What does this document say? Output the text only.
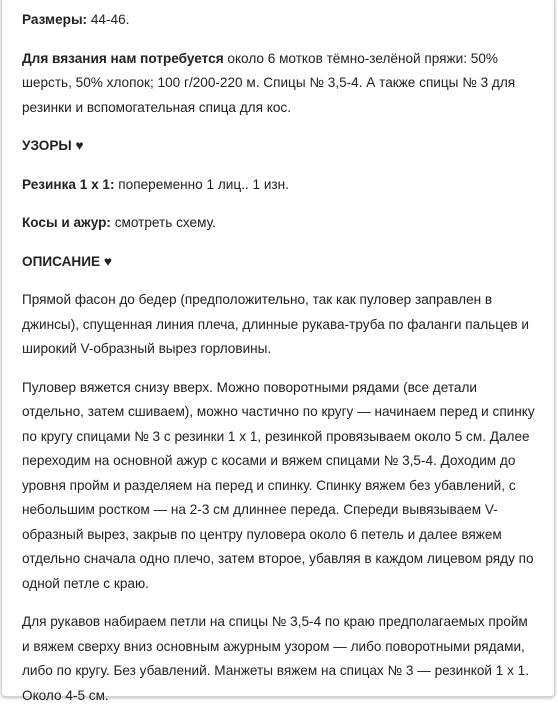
Размеры: 44-46.

Для вязания нам потребуется около 6 мотков тёмно-зелёной пряжи: 50% шерсть, 50% хлопок; 100 г/200-220 м. Спицы № 3,5-4. А также спицы № 3 для резинки и вспомогательная спица для кос.

УЗОРЫ ♥

Резинка 1 х 1: попеременно 1 лиц.. 1 изн.

Косы и ажур: смотреть схему.

ОПИСАНИЕ ♥

Прямой фасон до бедер (предположительно, так как пуловер заправлен в джинсы), спущенная линия плеча, длинные рукава-труба по фаланги пальцев и широкий V-образный вырез горловины.

Пуловер вяжется снизу вверх. Можно поворотными рядами (все детали отдельно, затем сшиваем), можно частично по кругу — начинаем перед и спинку по кругу спицами № 3 с резинки 1 х 1, резинкой провязываем около 5 см. Далее переходим на основной ажур с косами и вяжем спицами № 3,5-4. Доходим до уровня пройм и разделяем на перед и спинку. Спинку вяжем без убавлений, с небольшим ростком — на 2-3 см длиннее переда. Спереди вывязываем V-образный вырез, закрыв по центру пуловера около 6 петель и далее вяжем отдельно сначала одно плечо, затем второе, убавляя в каждом лицевом ряду по одной петле с краю.

Для рукавов набираем петли на спицы № 3,5-4 по краю предполагаемых пройм и вяжем сверху вниз основным ажурным узором — либо поворотными рядами, либо по кругу. Без убавлений. Манжеты вяжем на спицах № 3 — резинкой 1 х 1. Около 4-5 см.
